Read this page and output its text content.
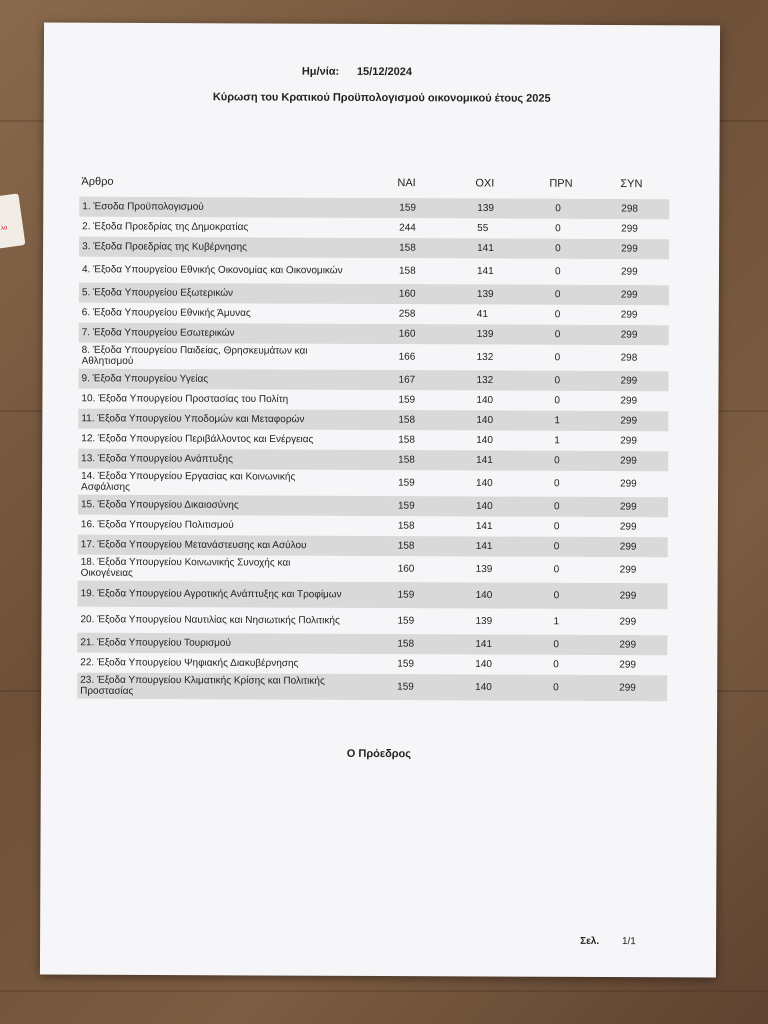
λα
Ημ/νία: 15/12/2024
Κύρωση του Κρατικού Προϋπολογισμού οικονομικού έτους 2025
Άρθρο	ΝΑΙ	ΟΧΙ	ΠΡΝ	ΣΥΝ
1. Έσοδα Προϋπολογισμού	159	139	0	298
2. Έξοδα Προεδρίας της Δημοκρατίας	244	55	0	299
3. Έξοδα Προεδρίας της Κυβέρνησης	158	141	0	299
4. Έξοδα Υπουργείου Εθνικής Οικονομίας και Οικονομικών	158	141	0	299
5. Έξοδα Υπουργείου Εξωτερικών	160	139	0	299
6. Έξοδα Υπουργείου Εθνικής Άμυνας	258	41	0	299
7. Έξοδα Υπουργείου Εσωτερικών	160	139	0	299
8. Έξοδα Υπουργείου Παιδείας, Θρησκευμάτων και Αθλητισμού	166	132	0	298
9. Έξοδα Υπουργείου Υγείας	167	132	0	299
10. Έξοδα Υπουργείου Προστασίας του Πολίτη	159	140	0	299
11. Έξοδα Υπουργείου Υποδομών και Μεταφορών	158	140	1	299
12. Έξοδα Υπουργείου Περιβάλλοντος και Ενέργειας	158	140	1	299
13. Έξοδα Υπουργείου Ανάπτυξης	158	141	0	299
14. Έξοδα Υπουργείου Εργασίας και Κοινωνικής Ασφάλισης	159	140	0	299
15. Έξοδα Υπουργείου Δικαιοσύνης	159	140	0	299
16. Έξοδα Υπουργείου Πολιτισμού	158	141	0	299
17. Έξοδα Υπουργείου Μετανάστευσης και Ασύλου	158	141	0	299
18. Έξοδα Υπουργείου Κοινωνικής Συνοχής και Οικογένειας	160	139	0	299
19. Έξοδα Υπουργείου Αγροτικής Ανάπτυξης και Τροφίμων	159	140	0	299
20. Έξοδα Υπουργείου Ναυτιλίας και Νησιωτικής Πολιτικής	159	139	1	299
21. Έξοδα Υπουργείου Τουρισμού	158	141	0	299
22. Έξοδα Υπουργείου Ψηφιακής Διακυβέρνησης	159	140	0	299
23. Έξοδα Υπουργείου Κλιματικής Κρίσης και Πολιτικής Προστασίας	159	140	0	299
Ο Πρόεδρος
Σελ. 1/1
